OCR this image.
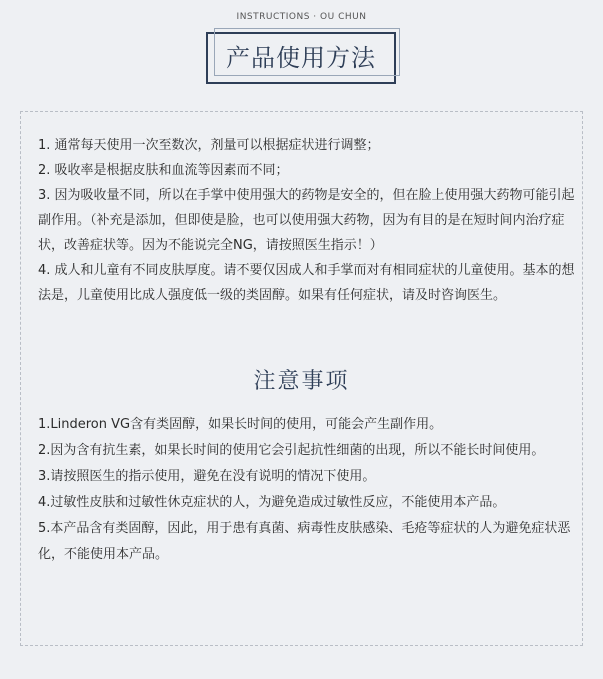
INSTRUCTIONS · OU CHUN
产品使用方法

1. 通常每天使用一次至数次，剂量可以根据症状进行调整；

2. 吸收率是根据皮肤和血流等因素而不同；

3. 因为吸收量不同，所以在手掌中使用强大的药物是安全的，但在脸上使用强大药物可能引起副作用。（补充是添加，但即使是脸，也可以使用强大药物，因为有目的是在短时间内治疗症状，改善症状等。因为不能说完全NG，请按照医生指示！）

4. 成人和儿童有不同皮肤厚度。请不要仅因成人和手掌而对有相同症状的儿童使用。基本的想法是，儿童使用比成人强度低一级的类固醇。如果有任何症状，请及时咨询医生。

注意事项

1.Linderon VG含有类固醇，如果长时间的使用，可能会产生副作用。

2.因为含有抗生素，如果长时间的使用它会引起抗性细菌的出现，所以不能长时间使用。

3.请按照医生的指示使用，避免在没有说明的情况下使用。

4.过敏性皮肤和过敏性休克症状的人，为避免造成过敏性反应，不能使用本产品。

5.本产品含有类固醇，因此，用于患有真菌、病毒性皮肤感染、毛疮等症状的人为避免症状恶化，不能使用本产品。
